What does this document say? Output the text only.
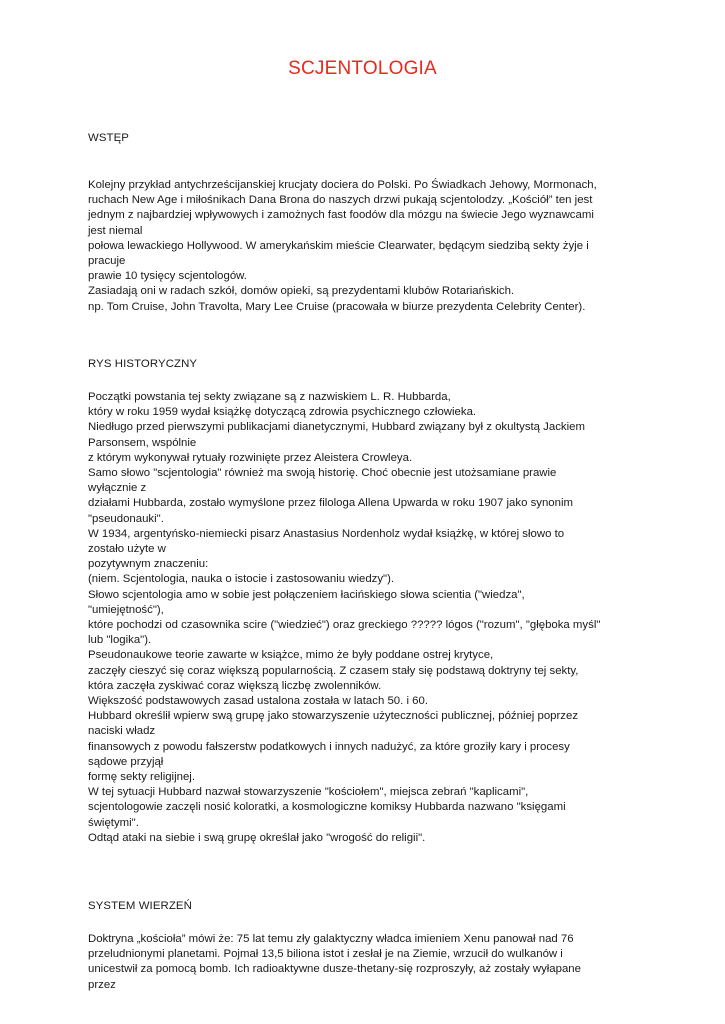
SCJENTOLOGIA
WSTĘP
Kolejny przykład antychrześcijanskiej krucjaty dociera do Polski. Po Świadkach Jehowy, Mormonach,
ruchach New Age i miłośnikach Dana Brona do naszych drzwi pukają scjentolodzy. „Kościół” ten jest
jednym z najbardziej wpływowych i zamożnych fast foodów dla mózgu na świecie Jego wyznawcami
jest niemal
połowa lewackiego Hollywood. W amerykańskim mieście Clearwater, będącym siedzibą sekty żyje i
pracuje
prawie 10 tysięcy scjentologów.
Zasiadają oni w radach szkół, domów opieki, są prezydentami klubów Rotariańskich.
np. Tom Cruise, John Travolta, Mary Lee Cruise (pracowała w biurze prezydenta Celebrity Center).
RYS HISTORYCZNY
Początki powstania tej sekty związane są z nazwiskiem L. R. Hubbarda,
który w roku 1959 wydał książkę dotyczącą zdrowia psychicznego człowieka.
Niedługo przed pierwszymi publikacjami dianetycznymi, Hubbard związany był z okultystą Jackiem
Parsonsem, wspólnie
z którym wykonywał rytuały rozwinięte przez Aleistera Crowleya.
Samo słowo "scjentologia" również ma swoją historię. Choć obecnie jest utożsamiane prawie
wyłącznie z
działami Hubbarda, zostało wymyślone przez filologa Allena Upwarda w roku 1907 jako synonim
"pseudonauki".
W 1934, argentyńsko-niemiecki pisarz Anastasius Nordenholz wydał książkę, w której słowo to
zostało użyte w
pozytywnym znaczeniu:
(niem. Scjentologia, nauka o istocie i zastosowaniu wiedzy").
Słowo scjentologia amo w sobie jest połączeniem łacińskiego słowa scientia ("wiedza",
"umiejętność"),
które pochodzi od czasownika scire ("wiedzieć") oraz greckiego ????? lógos ("rozum", "głęboka myśl"
lub "logika").
Pseudonaukowe teorie zawarte w książce, mimo że były poddane ostrej krytyce,
zaczęły cieszyć się coraz większą popularnością. Z czasem stały się podstawą doktryny tej sekty,
która zaczęła zyskiwać coraz większą liczbę zwolenników.
Większość podstawowych zasad ustalona została w latach 50. i 60.
Hubbard określił wpierw swą grupę jako stowarzyszenie użyteczności publicznej, później poprzez
naciski władz
finansowych z powodu fałszerstw podatkowych i innych nadużyć, za które groziły kary i procesy
sądowe przyjął
formę sekty religijnej.
W tej sytuacji Hubbard nazwał stowarzyszenie "kościołem", miejsca zebrań "kaplicami",
scjentologowie zaczęli nosić koloratki, a kosmologiczne komiksy Hubbarda nazwano "księgami
świętymi".
Odtąd ataki na siebie i swą grupę określał jako "wrogość do religii".
SYSTEM WIERZEŃ
Doktryna „kościoła” mówi że: 75 lat temu zły galaktyczny władca imieniem Xenu panował nad 76
przeludnionymi planetami. Pojmał 13,5 biliona istot i zesłał je na Ziemie, wrzucił do wulkanów i
unicestwił za pomocą bomb. Ich radioaktywne dusze-thetany-się rozproszyły, aż zostały wyłapane
przez
